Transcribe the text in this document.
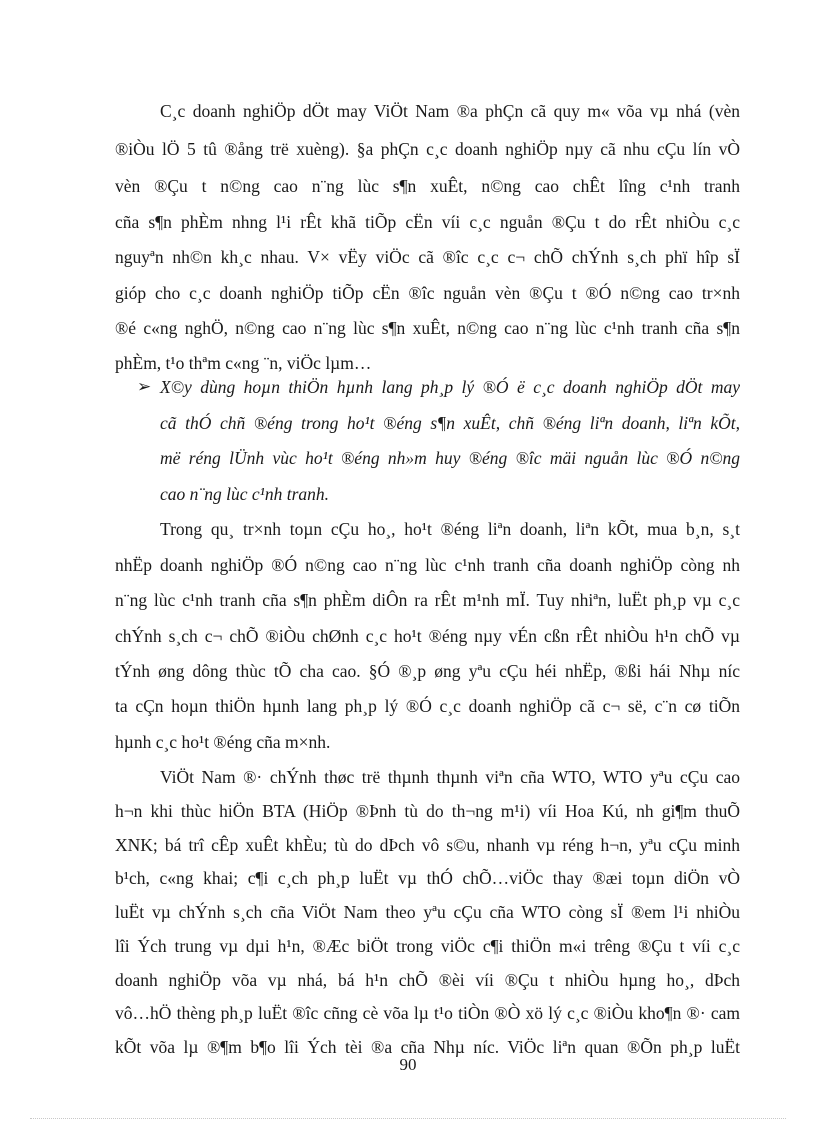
C¸c doanh nghiÖp dÖt may ViÖt Nam ®a phÇn cã quy m« võa vµ nhá (vèn
®iÒu lÖ 5 tû ®ång trë xuèng). §a phÇn c¸c doanh nghiÖp nµy cã nhu cÇu lín vÒ
vèn ®Çu t n©ng cao n¨ng lùc s¶n xuÊt, n©ng cao chÊt lîng c¹nh tranh
cña s¶n phÈm nhng l¹i rÊt khã tiÕp cËn víi c¸c nguån ®Çu t do rÊt nhiÒu c¸c
nguyªn nh©n kh¸c nhau. V× vËy viÖc cã ®îc c¸c c¬ chÕ chÝnh s¸ch phï hîp sÏ
gióp cho c¸c doanh nghiÖp tiÕp cËn ®îc nguån vèn ®Çu t ®Ó n©ng cao tr×nh
®é c«ng nghÖ, n©ng cao n¨ng lùc s¶n xuÊt, n©ng cao n¨ng lùc c¹nh tranh cña s¶n
phÈm, t¹o thªm c«ng ¨n, viÖc lµm…
➢ X©y dùng hoµn thiÖn hµnh lang ph¸p lý ®Ó ë c¸c doanh nghiÖp dÖt may
cã thÓ chñ ®éng trong ho¹t ®éng s¶n xuÊt, chñ ®éng liªn doanh, liªn kÕt,
më réng lÜnh vùc ho¹t ®éng nh»m huy ®éng ®îc mäi nguån lùc ®Ó n©ng
cao n¨ng lùc c¹nh tranh.
Trong qu¸ tr×nh toµn cÇu ho¸, ho¹t ®éng liªn doanh, liªn kÕt, mua b¸n, s¸t
nhËp doanh nghiÖp ®Ó n©ng cao n¨ng lùc c¹nh tranh cña doanh nghiÖp còng nh
n¨ng lùc c¹nh tranh cña s¶n phÈm diÔn ra rÊt m¹nh mÏ. Tuy nhiªn, luËt ph¸p vµ c¸c
chÝnh s¸ch c¬ chÕ ®iÒu chØnh c¸c ho¹t ®éng nµy vÉn cßn rÊt nhiÒu h¹n chÕ vµ
tÝnh øng dông thùc tÕ cha cao. §Ó ®¸p øng yªu cÇu héi nhËp, ®ßi hái Nhµ níc
ta cÇn hoµn thiÖn hµnh lang ph¸p lý ®Ó c¸c doanh nghiÖp cã c¬ së, c¨n cø tiÕn
hµnh c¸c ho¹t ®éng cña m×nh.
ViÖt Nam ®· chÝnh thøc trë thµnh thµnh viªn cña WTO, WTO yªu cÇu cao
h¬n khi thùc hiÖn BTA (HiÖp ®Þnh tù do th¬ng m¹i) víi Hoa Kú, nh gi¶m thuÕ
XNK; bá trî cÊp xuÊt khÈu; tù do dÞch vô s©u, nhanh vµ réng h¬n, yªu cÇu minh
b¹ch, c«ng khai; c¶i c¸ch ph¸p luËt vµ thÓ chÕ…viÖc thay ®æi toµn diÖn vÒ
luËt vµ chÝnh s¸ch cña ViÖt Nam theo yªu cÇu cña WTO còng sÏ ®em l¹i nhiÒu
lîi Ých trung vµ dµi h¹n, ®Æc biÖt trong viÖc c¶i thiÖn m«i trêng ®Çu t víi c¸c
doanh nghiÖp võa vµ nhá, bá h¹n chÕ ®èi víi ®Çu t nhiÒu hµng ho¸, dÞch
vô…hÖ thèng ph¸p luËt ®îc cñng cè võa lµ t¹o tiÒn ®Ò xö lý c¸c ®iÒu kho¶n ®· cam
kÕt võa lµ ®¶m b¶o lîi Ých tèi ®a cña Nhµ níc. ViÖc liªn quan ®Õn ph¸p luËt
90
